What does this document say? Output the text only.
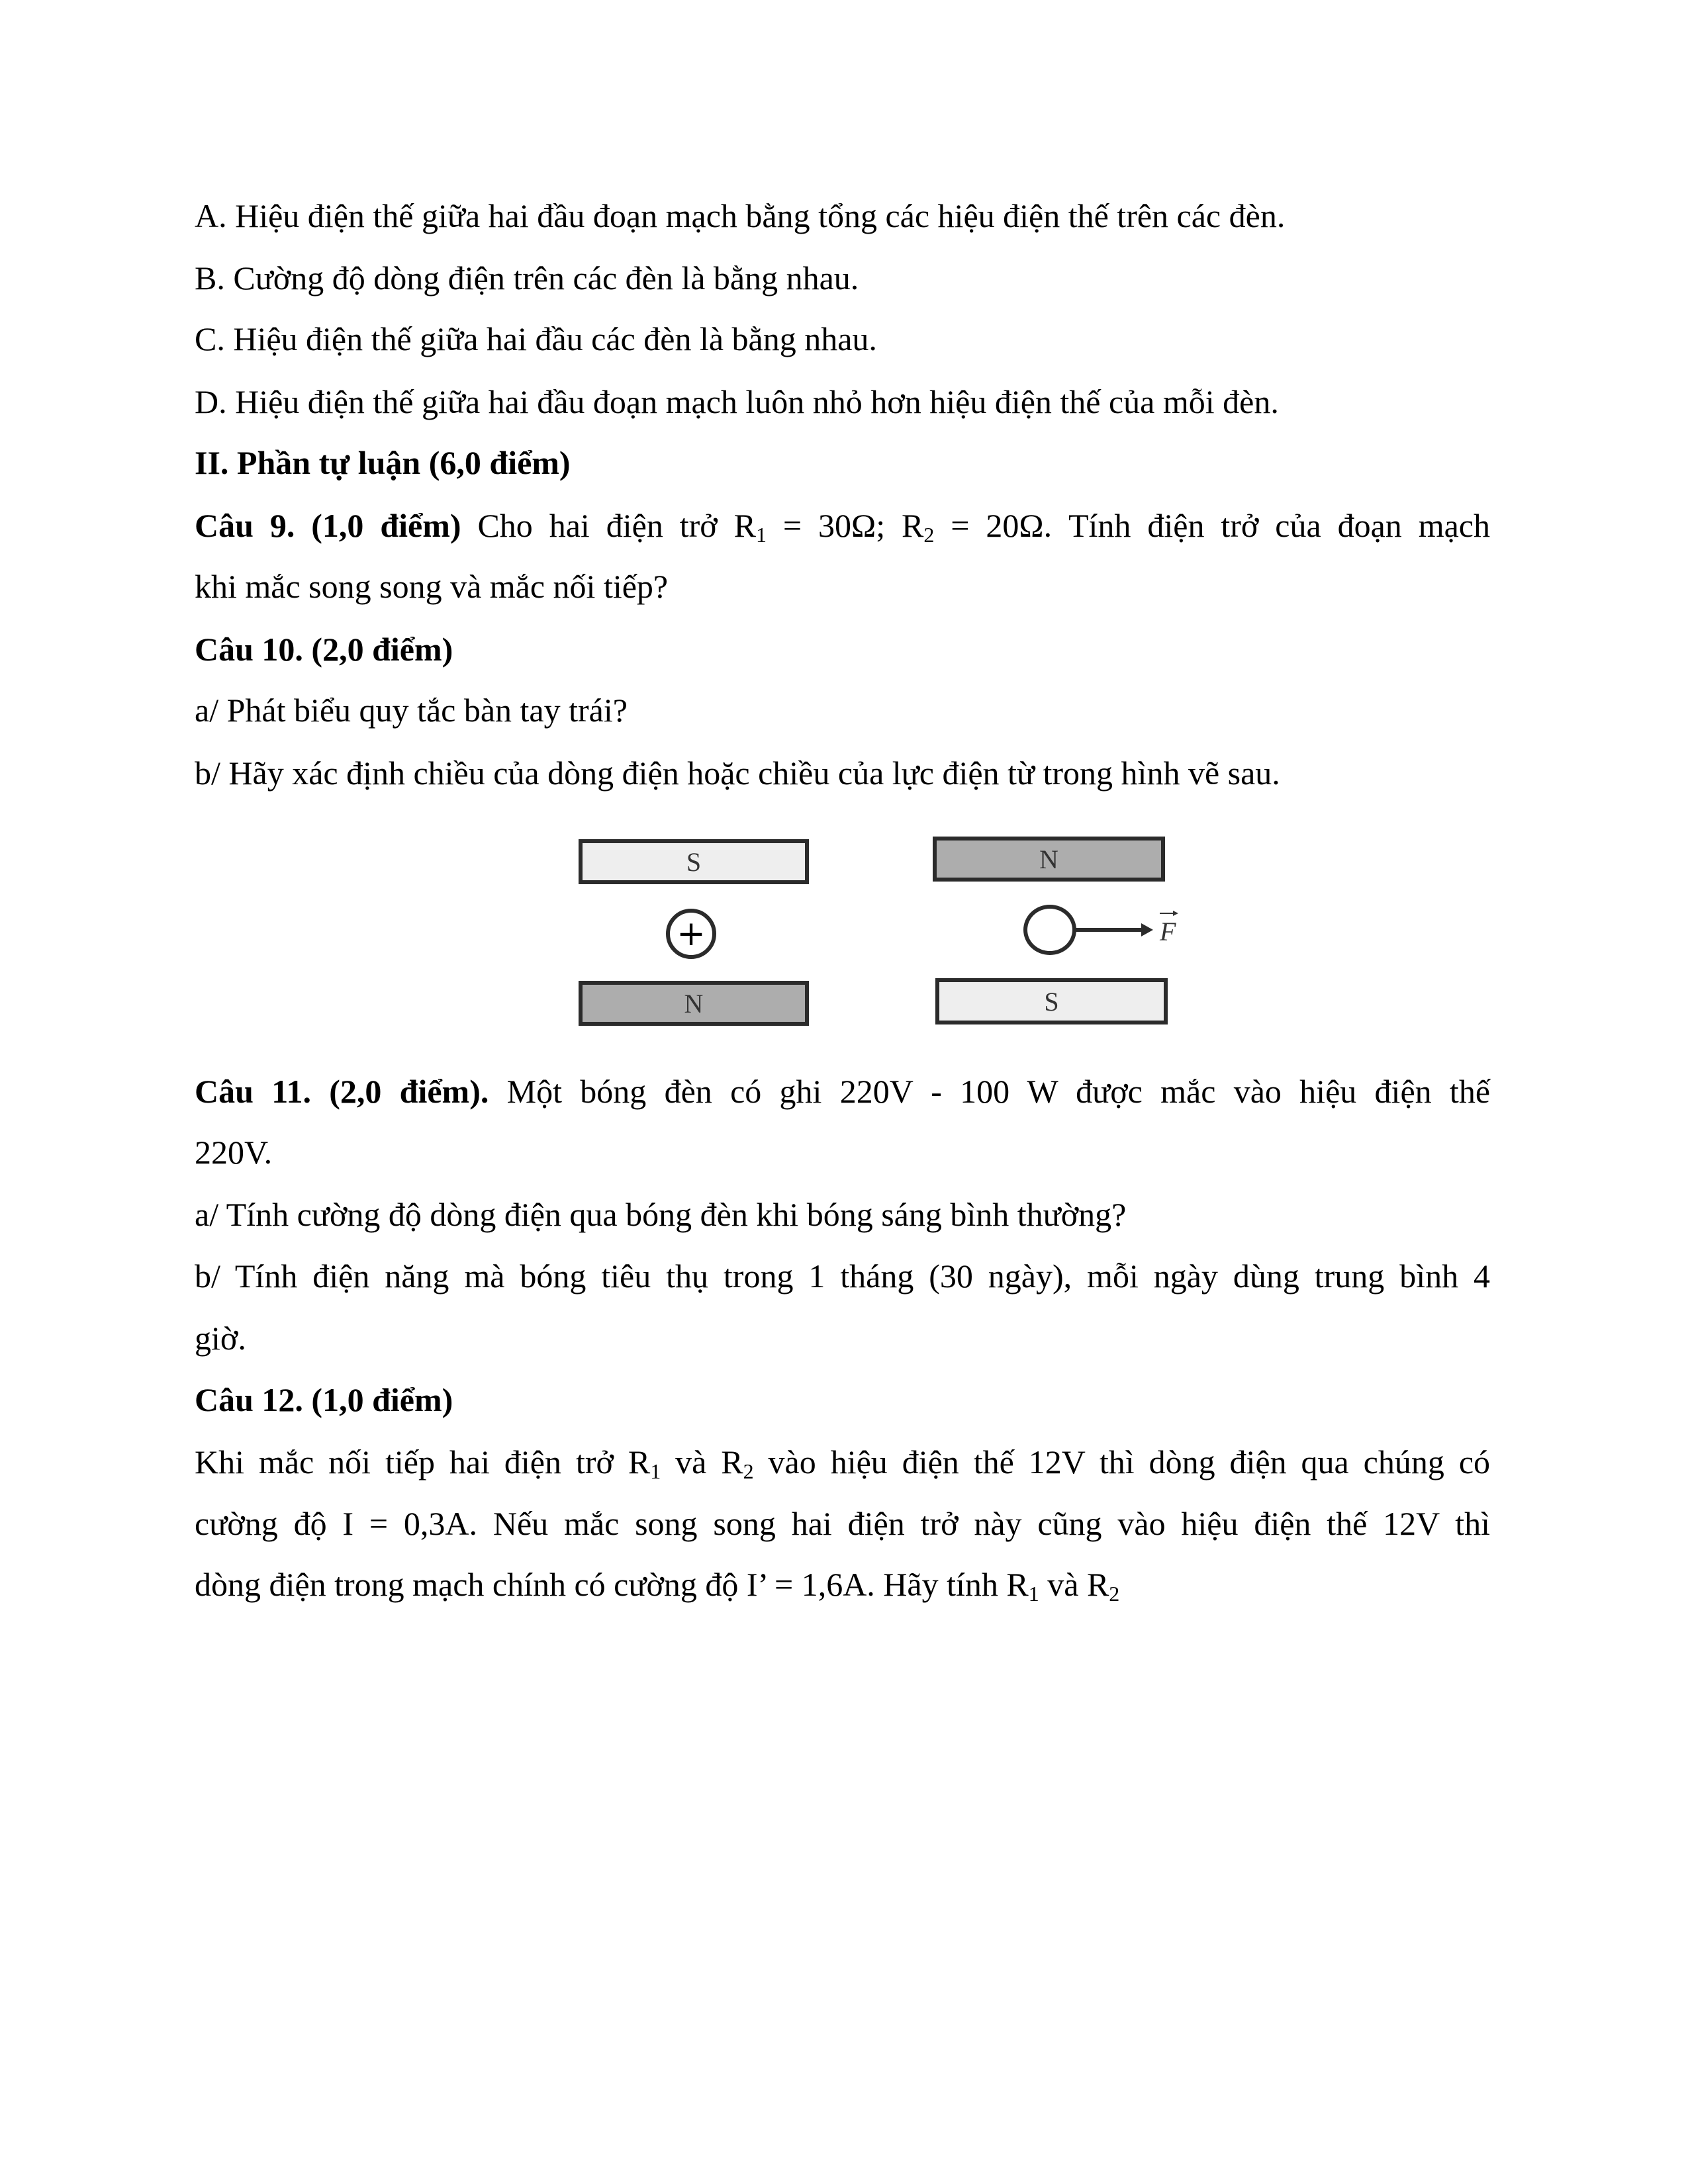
A. Hiệu điện thế giữa hai đầu đoạn mạch bằng tổng các hiệu điện thế trên các đèn.
B. Cường độ dòng điện trên các đèn là bằng nhau.
C. Hiệu điện thế giữa hai đầu các đèn là bằng nhau.
D. Hiệu điện thế giữa hai đầu đoạn mạch luôn nhỏ hơn hiệu điện thế của mỗi đèn.
II. Phần tự luận (6,0 điểm)
Câu 9. (1,0 điểm) Cho hai điện trở $R_1 = 30\Omega$; $R_2 = 20\Omega$. Tính điện trở của đoạn mạch
khi mắc song song và mắc nối tiếp?
Câu 10. (2,0 điểm)
a/ Phát biểu quy tắc bàn tay trái?
b/ Hãy xác định chiều của dòng điện hoặc chiều của lực điện từ trong hình vẽ sau.
S
+
N
N
F
S
Câu 11. (2,0 điểm). Một bóng đèn có ghi 220V - 100 W được mắc vào hiệu điện thế
220V.
a/ Tính cường độ dòng điện qua bóng đèn khi bóng sáng bình thường?
b/ Tính điện năng mà bóng tiêu thụ trong 1 tháng (30 ngày), mỗi ngày dùng trung bình 4
giờ.
Câu 12. (1,0 điểm)
Khi mắc nối tiếp hai điện trở $R_1$ và $R_2$ vào hiệu điện thế 12V thì dòng điện qua chúng có
cường độ I = 0,3A. Nếu mắc song song hai điện trở này cũng vào hiệu điện thế 12V thì
dòng điện trong mạch chính có cường độ I’ = 1,6A. Hãy tính $R_1$ và $R_2$
